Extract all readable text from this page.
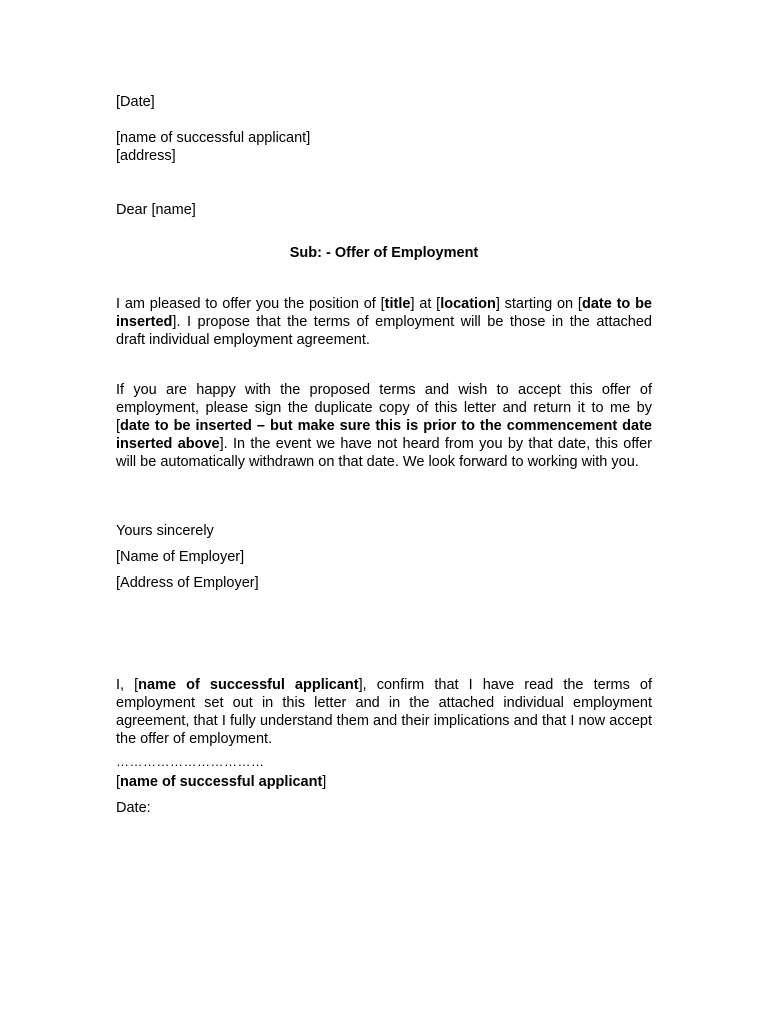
[Date]
[name of successful applicant]
[address]
Dear [name]
Sub: - Offer of Employment
I am pleased to offer you the position of [title] at [location] starting on [date to be inserted]. I propose that the terms of employment will be those in the attached draft individual employment agreement.
If you are happy with the proposed terms and wish to accept this offer of employment, please sign the duplicate copy of this letter and return it to me by [date to be inserted – but make sure this is prior to the commencement date inserted above]. In the event we have not heard from you by that date, this offer will be automatically withdrawn on that date. We look forward to working with you.
Yours sincerely
[Name of Employer]
[Address of Employer]
I, [name of successful applicant], confirm that I have read the terms of employment set out in this letter and in the attached individual employment agreement, that I fully understand them and their implications and that I now accept the offer of employment.
……………………………
[name of successful applicant]
Date:
